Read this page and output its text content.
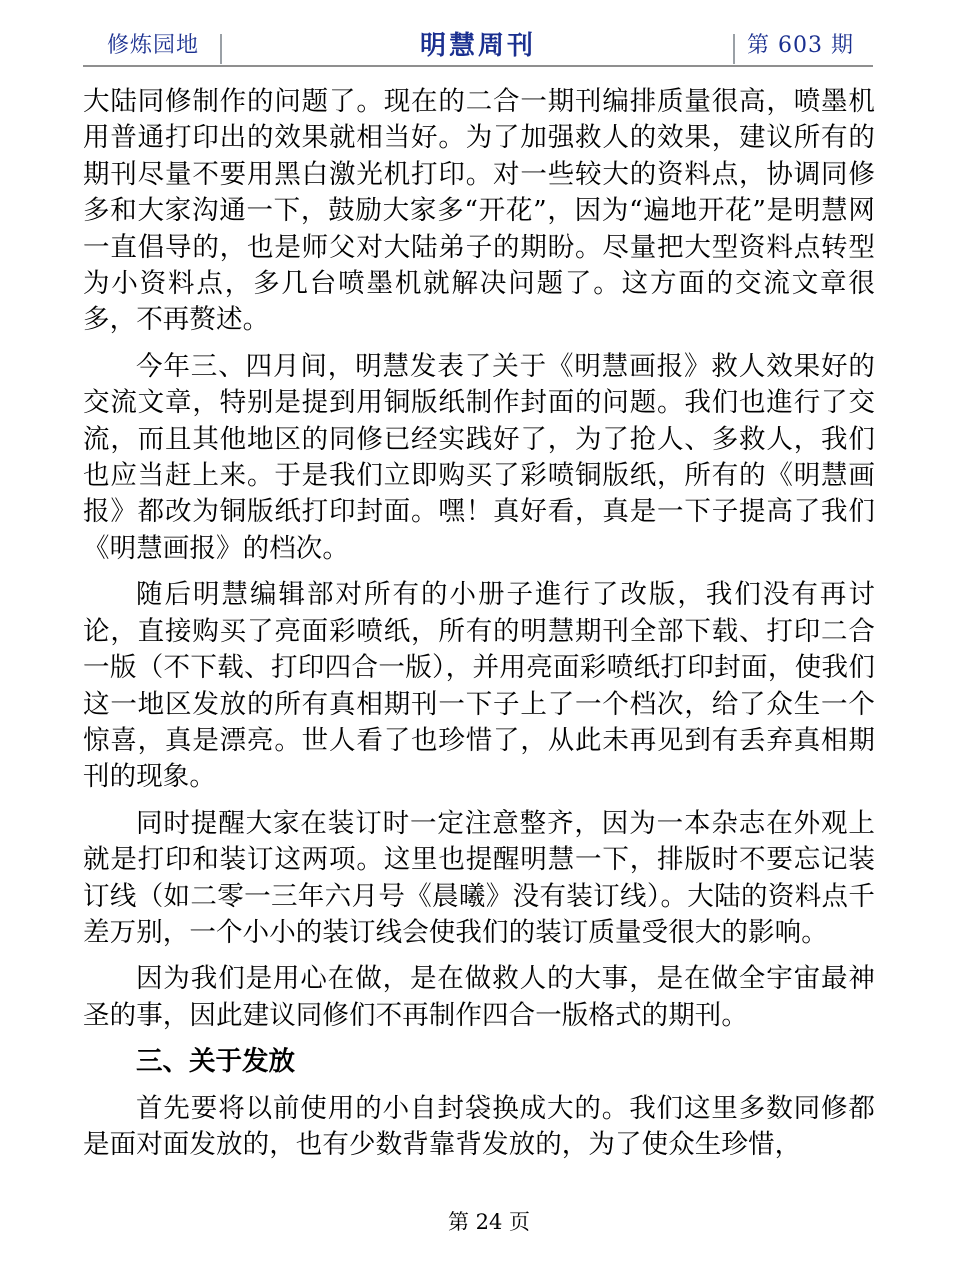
修炼园地	明慧周刊	第 603 期

大陆同修制作的问题了。现在的二合一期刊编排质量很高，喷墨机用普通打印出的效果就相当好。为了加强救人的效果，建议所有的期刊尽量不要用黑白激光机打印。对一些较大的资料点，协调同修多和大家沟通一下，鼓励大家多“开花”，因为“遍地开花”是明慧网一直倡导的，也是师父对大陆弟子的期盼。尽量把大型资料点转型为小资料点，多几台喷墨机就解决问题了。这方面的交流文章很多，不再赘述。

今年三、四月间，明慧发表了关于《明慧画报》救人效果好的交流文章，特别是提到用铜版纸制作封面的问题。我们也進行了交流，而且其他地区的同修已经实践好了，为了抢人、多救人，我们也应当赶上来。于是我们立即购买了彩喷铜版纸，所有的《明慧画报》都改为铜版纸打印封面。嘿！真好看，真是一下子提高了我们《明慧画报》的档次。

随后明慧编辑部对所有的小册子進行了改版，我们没有再讨论，直接购买了亮面彩喷纸，所有的明慧期刊全部下载、打印二合一版（不下载、打印四合一版），并用亮面彩喷纸打印封面，使我们这一地区发放的所有真相期刊一下子上了一个档次，给了众生一个惊喜，真是漂亮。世人看了也珍惜了，从此未再见到有丢弃真相期刊的现象。

同时提醒大家在装订时一定注意整齐，因为一本杂志在外观上就是打印和装订这两项。这里也提醒明慧一下，排版时不要忘记装订线（如二零一三年六月号《晨曦》没有装订线）。大陆的资料点千差万别，一个小小的装订线会使我们的装订质量受很大的影响。

因为我们是用心在做，是在做救人的大事，是在做全宇宙最神圣的事，因此建议同修们不再制作四合一版格式的期刊。

三、关于发放

首先要将以前使用的小自封袋换成大的。我们这里多数同修都是面对面发放的，也有少数背靠背发放的，为了使众生珍惜，

第 24 页
